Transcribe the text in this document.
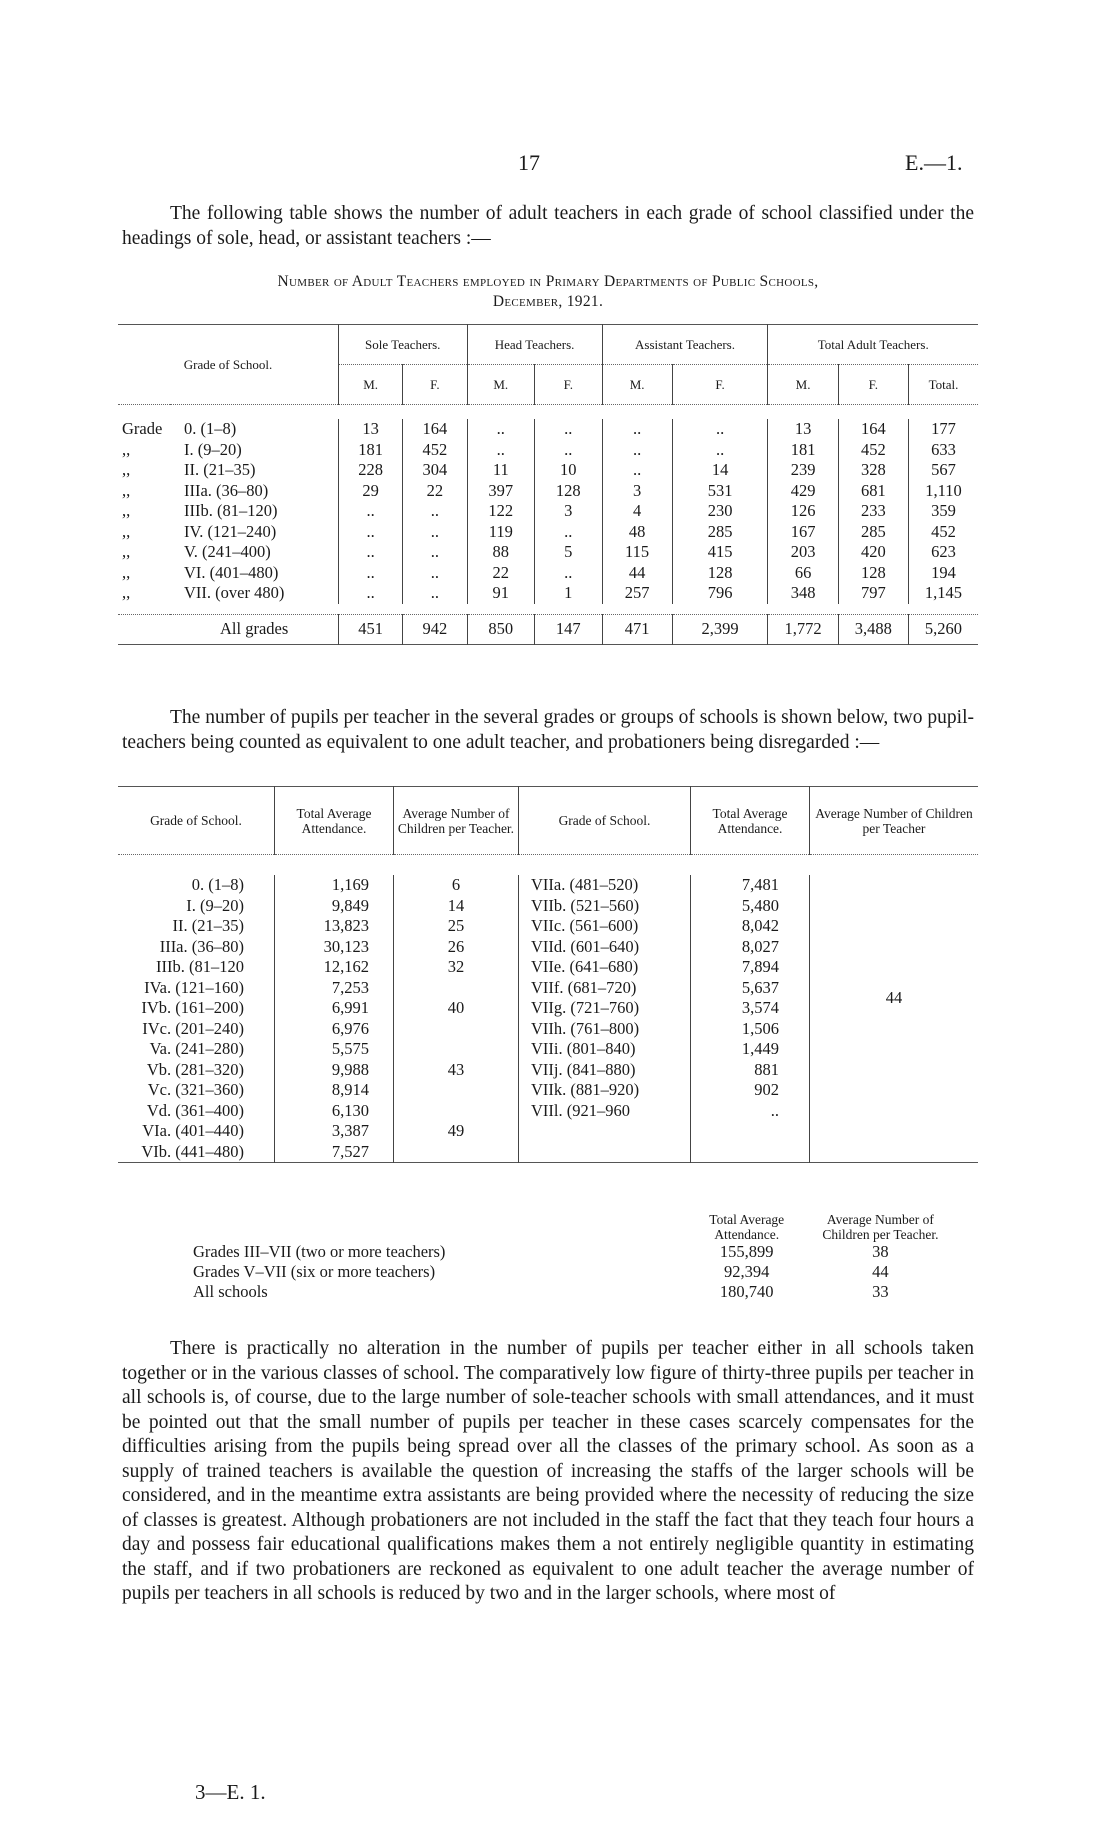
17	E.—1.
The following table shows the number of adult teachers in each grade of school classified under the headings of sole, head, or assistant teachers :—
Number of Adult Teachers employed in Primary Departments of Public Schools,
December, 1921.
Grade of School.		Sole Teachers.		Head Teachers.		Assistant Teachers.		Total Adult Teachers.		
		M.	F.	M.	F.	M.	F.	M.	F.	Total.

Grade	0. (1–8)	13	164	..	..	..	..	13	164	177
,,	I. (9–20)	181	452	..	..	..	..	181	452	633
,,	II. (21–35)	228	304	11	10	..	14	239	328	567
,,	IIIa. (36–80)	29	22	397	128	3	531	429	681	1,110
,,	IIIb. (81–120)	..	..	122	3	4	230	126	233	359
,,	IV. (121–240)	..	..	119	..	48	285	167	285	452
,,	V. (241–400)	..	..	88	5	115	415	203	420	623
,,	VI. (401–480)	..	..	22	..	44	128	66	128	194
,,	VII. (over 480)	..	..	91	1	257	796	348	797	1,145

	All grades	451	942	850	147	471	2,399	1,772	3,488	5,260

The number of pupils per teacher in the several grades or groups of schools is shown below, two pupil-teachers being counted as equivalent to one adult teacher, and probationers being disregarded :—
Grade of School.	Total Average Attendance.	Average Number of Children per Teacher.	Grade of School.	Total Average Attendance.	Average Number of Children per Teacher

0. (1–8)	1,169	6	VIIa. (481–520)	7,481	44
I. (9–20)	9,849	14	VIIb. (521–560)	5,480	
II. (21–35)	13,823	25	VIIc. (561–600)	8,042	
IIIa. (36–80)	30,123	26	VIId. (601–640)	8,027	
IIIb. (81–120	12,162	32	VIIe. (641–680)	7,894	
IVa. (121–160)	7,253		VIIf. (681–720)	5,637	
IVb. (161–200)	6,991	40	VIIg. (721–760)	3,574	
IVc. (201–240)	6,976		VIIh. (761–800)	1,506	
Va. (241–280)	5,575		VIIi. (801–840)	1,449	
Vb. (281–320)	9,988	43	VIIj. (841–880)	881	
Vc. (321–360)	8,914		VIIk. (881–920)	902	
Vd. (361–400)	6,130		VIIl. (921–960	..	
VIa. (401–440)	3,387	49			
VIb. (441–480)	7,527				

	Total Average Attendance.	Average Number of Children per Teacher.
Grades III–VII (two or more teachers)	155,899	38
Grades V–VII (six or more teachers)	92,394	44
All schools	180,740	33
There is practically no alteration in the number of pupils per teacher either in all schools taken together or in the various classes of school. The comparatively low figure of thirty-three pupils per teacher in all schools is, of course, due to the large number of sole-teacher schools with small attendances, and it must be pointed out that the small number of pupils per teacher in these cases scarcely compensates for the difficulties arising from the pupils being spread over all the classes of the primary school. As soon as a supply of trained teachers is available the question of increasing the staffs of the larger schools will be considered, and in the meantime extra assistants are being provided where the necessity of reducing the size of classes is greatest. Although probationers are not included in the staff the fact that they teach four hours a day and possess fair educational qualifications makes them a not entirely negligible quantity in estimating the staff, and if two probationers are reckoned as equivalent to one adult teacher the average number of pupils per teachers in all schools is reduced by two and in the larger schools, where most of
3—E. 1.
